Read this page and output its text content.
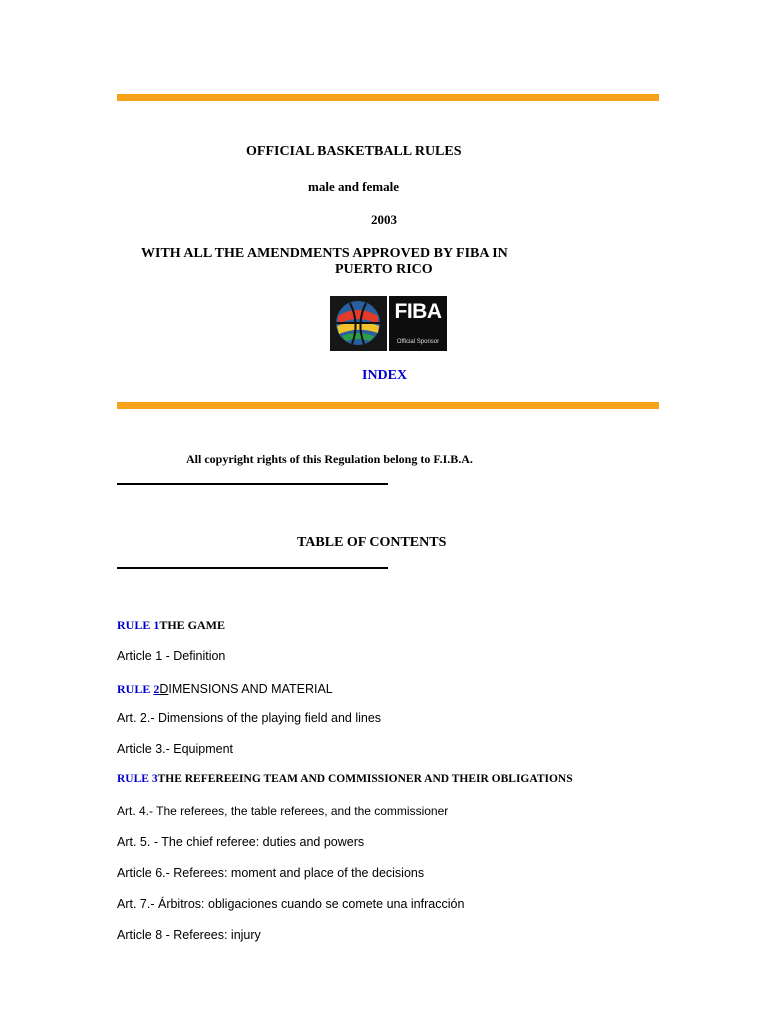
OFFICIAL BASKETBALL RULES
male and female
2003
WITH ALL THE AMENDMENTS APPROVED BY FIBA IN
PUERTO RICO
FIBA
Official Sponsor
INDEX
All copyright rights of this Regulation belong to F.I.B.A.
TABLE OF CONTENTS
RULE 1THE GAME
Article 1 - Definition
RULE 2DIMENSIONS AND MATERIAL
Art. 2.- Dimensions of the playing field and lines
Article 3.- Equipment
RULE 3THE REFEREEING TEAM AND COMMISSIONER AND THEIR OBLIGATIONS
Art. 4.- The referees, the table referees, and the commissioner
Art. 5. - The chief referee: duties and powers
Article 6.- Referees: moment and place of the decisions
Art. 7.- Árbitros: obligaciones cuando se comete una infracción
Article 8 - Referees: injury
